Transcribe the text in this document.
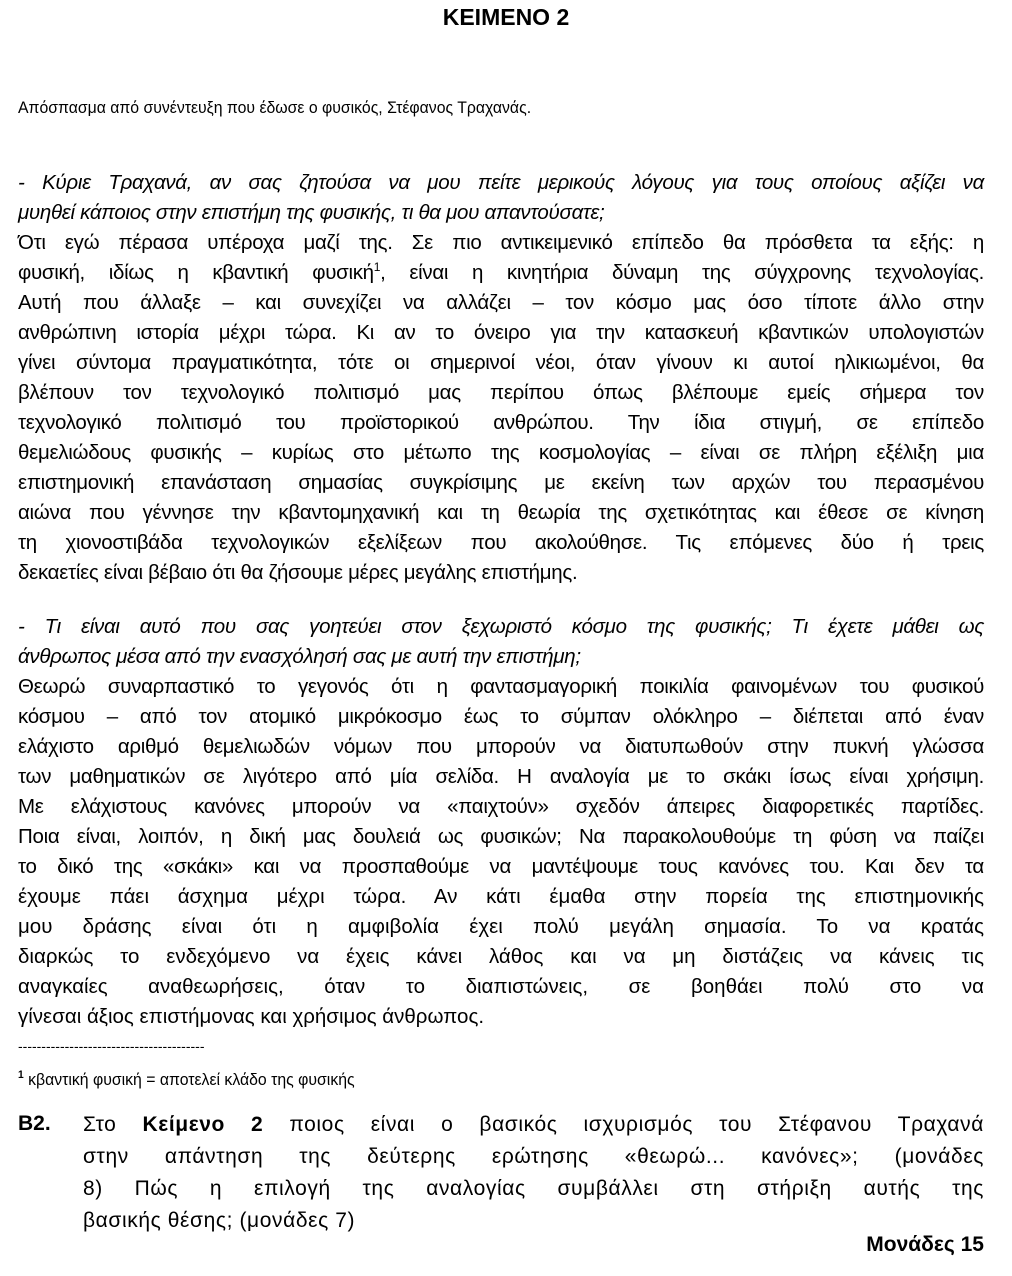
ΚΕΙΜΕΝΟ 2
Απόσπασμα από συνέντευξη που έδωσε ο φυσικός, Στέφανος Τραχανάς.
- Κύριε Τραχανά, αν σας ζητούσα να μου πείτε μερικούς λόγους για τους οποίους αξίζει να
μυηθεί κάποιος στην επιστήμη της φυσικής, τι θα μου απαντούσατε;
Ότι εγώ πέρασα υπέροχα μαζί της. Σε πιο αντικειμενικό επίπεδο θα πρόσθετα τα εξής: η
φυσική, ιδίως η κβαντική φυσική$^1$, είναι η κινητήρια δύναμη της σύγχρονης τεχνολογίας.
Αυτή που άλλαξε – και συνεχίζει να αλλάζει – τον κόσμο μας όσο τίποτε άλλο στην
ανθρώπινη ιστορία μέχρι τώρα. Κι αν το όνειρο για την κατασκευή κβαντικών υπολογιστών
γίνει σύντομα πραγματικότητα, τότε οι σημερινοί νέοι, όταν γίνουν κι αυτοί ηλικιωμένοι, θα
βλέπουν τον τεχνολογικό πολιτισμό μας περίπου όπως βλέπουμε εμείς σήμερα τον
τεχνολογικό πολιτισμό του προϊστορικού ανθρώπου. Την ίδια στιγμή, σε επίπεδο
θεμελιώδους φυσικής – κυρίως στο μέτωπο της κοσμολογίας – είναι σε πλήρη εξέλιξη μια
επιστημονική επανάσταση σημασίας συγκρίσιμης με εκείνη των αρχών του περασμένου
αιώνα που γέννησε την κβαντομηχανική και τη θεωρία της σχετικότητας και έθεσε σε κίνηση
τη χιονοστιβάδα τεχνολογικών εξελίξεων που ακολούθησε. Τις επόμενες δύο ή τρεις
δεκαετίες είναι βέβαιο ότι θα ζήσουμε μέρες μεγάλης επιστήμης.
- Τι είναι αυτό που σας γοητεύει στον ξεχωριστό κόσμο της φυσικής; Τι έχετε μάθει ως
άνθρωπος μέσα από την ενασχόλησή σας με αυτή την επιστήμη;
Θεωρώ συναρπαστικό το γεγονός ότι η φαντασμαγορική ποικιλία φαινομένων του φυσικού
κόσμου – από τον ατομικό μικρόκοσμο έως το σύμπαν ολόκληρο – διέπεται από έναν
ελάχιστο αριθμό θεμελιωδών νόμων που μπορούν να διατυπωθούν στην πυκνή γλώσσα
των μαθηματικών σε λιγότερο από μία σελίδα. Η αναλογία με το σκάκι ίσως είναι χρήσιμη.
Με ελάχιστους κανόνες μπορούν να «παιχτούν» σχεδόν άπειρες διαφορετικές παρτίδες.
Ποια είναι, λοιπόν, η δική μας δουλειά ως φυσικών; Να παρακολουθούμε τη φύση να παίζει
το δικό της «σκάκι» και να προσπαθούμε να μαντέψουμε τους κανόνες του. Και δεν τα
έχουμε πάει άσχημα μέχρι τώρα. Αν κάτι έμαθα στην πορεία της επιστημονικής
μου δράσης είναι ότι η αμφιβολία έχει πολύ μεγάλη σημασία. Το να κρατάς
διαρκώς το ενδεχόμενο να έχεις κάνει λάθος και να μη διστάζεις να κάνεις τις
αναγκαίες αναθεωρήσεις, όταν το διαπιστώνεις, σε βοηθάει πολύ στο να
γίνεσαι άξιος επιστήμονας και χρήσιμος άνθρωπος.
----------------------------------------
$^1$ κβαντική φυσική = αποτελεί κλάδο της φυσικής
Β2. Στο Κείμενο 2 ποιος είναι ο βασικός ισχυρισμός του Στέφανου Τραχανά
στην απάντηση της δεύτερης ερώτησης «θεωρώ... κανόνες»; (μονάδες
8) Πώς η επιλογή της αναλογίας συμβάλλει στη στήριξη αυτής της
βασικής θέσης; (μονάδες 7)
Μονάδες 15
